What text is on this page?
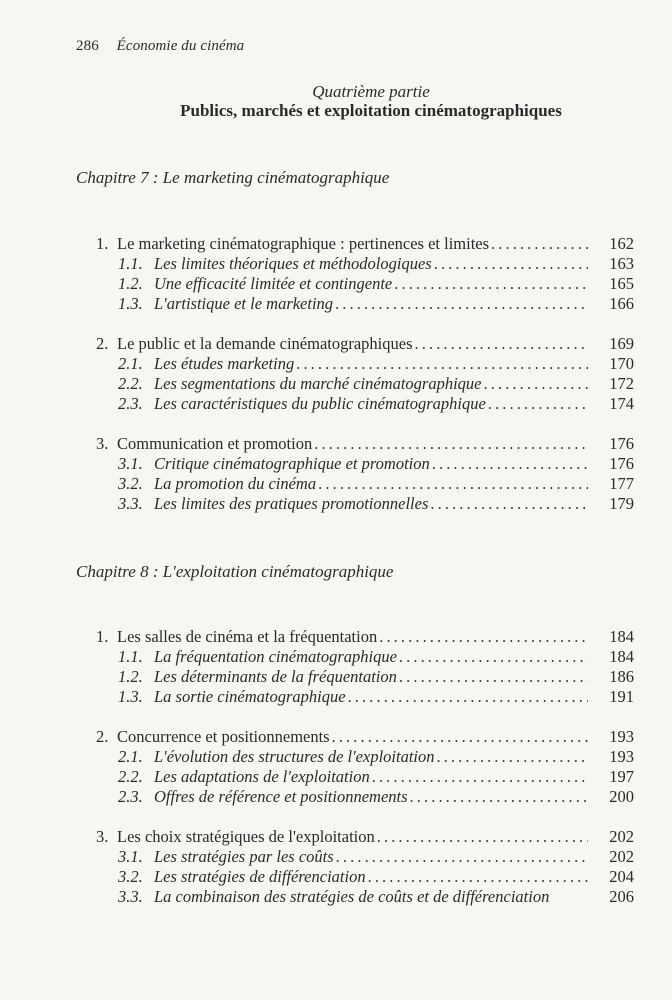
286 Économie du cinéma
Quatrième partie
Publics, marchés et exploitation cinématographiques
Chapitre 7 : Le marketing cinématographique
1. Le marketing cinématographique : pertinences et limites .....	162
1.1. Les limites théoriques et méthodologiques .....	163
1.2. Une efficacité limitée et contingente .....	165
1.3. L'artistique et le marketing .....	166
2. Le public et la demande cinématographiques .....	169
2.1. Les études marketing .....	170
2.2. Les segmentations du marché cinématographique .....	172
2.3. Les caractéristiques du public cinématographique .....	174
3. Communication et promotion .....	176
3.1. Critique cinématographique et promotion .....	176
3.2. La promotion du cinéma .....	177
3.3. Les limites des pratiques promotionnelles .....	179
Chapitre 8 : L'exploitation cinématographique
1. Les salles de cinéma et la fréquentation .....	184
1.1. La fréquentation cinématographique .....	184
1.2. Les déterminants de la fréquentation .....	186
1.3. La sortie cinématographique .....	191
2. Concurrence et positionnements .....	193
2.1. L'évolution des structures de l'exploitation .....	193
2.2. Les adaptations de l'exploitation .....	197
2.3. Offres de référence et positionnements .....	200
3. Les choix stratégiques de l'exploitation .....	202
3.1. Les stratégies par les coûts .....	202
3.2. Les stratégies de différenciation .....	204
3.3. La combinaison des stratégies de coûts et de différenciation	206
